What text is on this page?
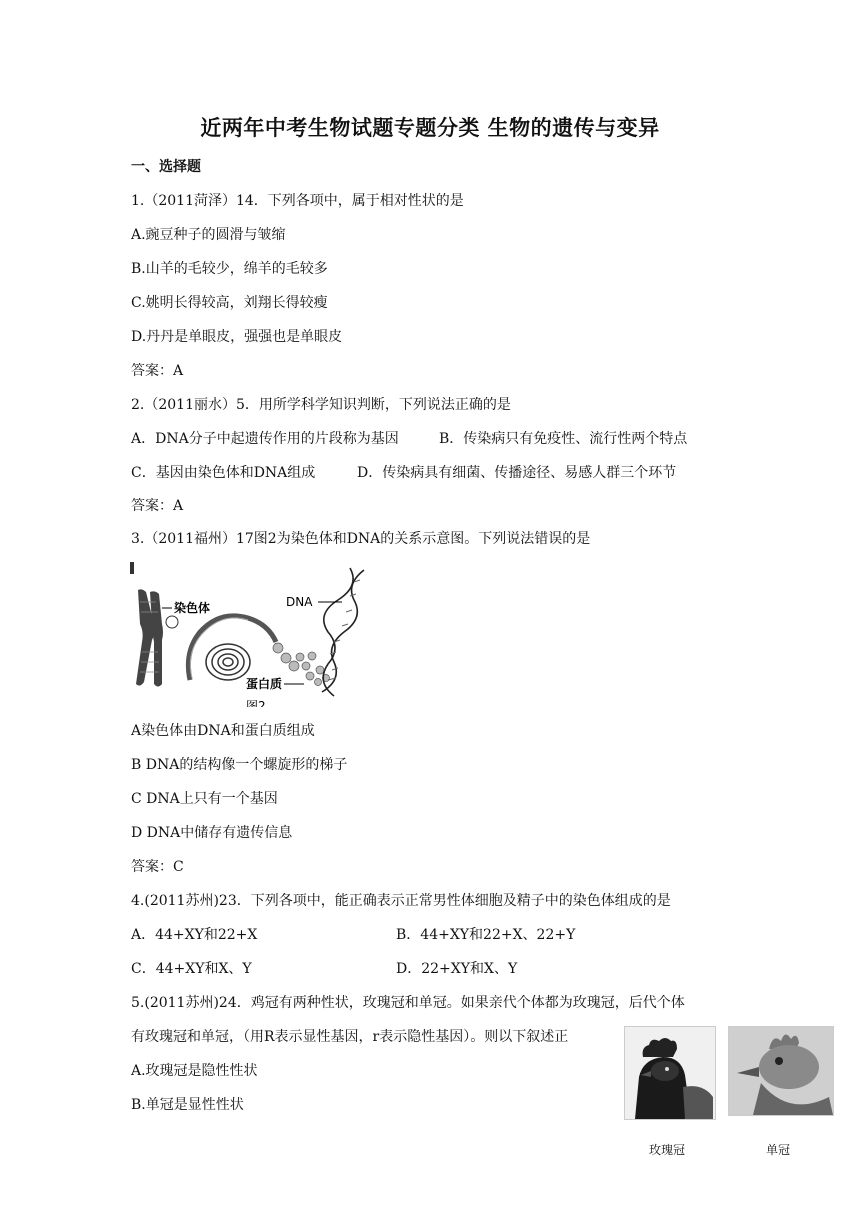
近两年中考生物试题专题分类 生物的遗传与变异
一、选择题
1.（2011菏泽）14．下列各项中，属于相对性状的是
A.豌豆种子的圆滑与皱缩
B.山羊的毛较少，绵羊的毛较多
C.姚明长得较高，刘翔长得较瘦
D.丹丹是单眼皮，强强也是单眼皮
答案：A
2.（2011丽水）5．用所学科学知识判断，下列说法正确的是
A．DNA分子中起遗传作用的片段称为基因	B．传染病只有免疫性、流行性两个特点
C．基因由染色体和DNA组成	D．传染病具有细菌、传播途径、易感人群三个环节
答案：A
3.（2011福州）17图2为染色体和DNA的关系示意图。下列说法错误的是
染色体	DNA
蛋白质
图2
A染色体由DNA和蛋白质组成
B DNA的结构像一个螺旋形的梯子
C DNA上只有一个基因
D DNA中储存有遗传信息
答案：C
4.(2011苏州)23．下列各项中，能正确表示正常男性体细胞及精子中的染色体组成的是
A．44+XY和22+X	B．44+XY和22+X、22+Y
C．44+XY和X、Y	D．22+XY和X、Y
5.(2011苏州)24．鸡冠有两种性状，玫瑰冠和单冠。如果亲代个体都为玫瑰冠，后代个体
有玫瑰冠和单冠，（用R表示显性基因，r表示隐性基因）。则以下叙述正
A.玫瑰冠是隐性性状
B.单冠是显性性状
玫瑰冠	单冠
